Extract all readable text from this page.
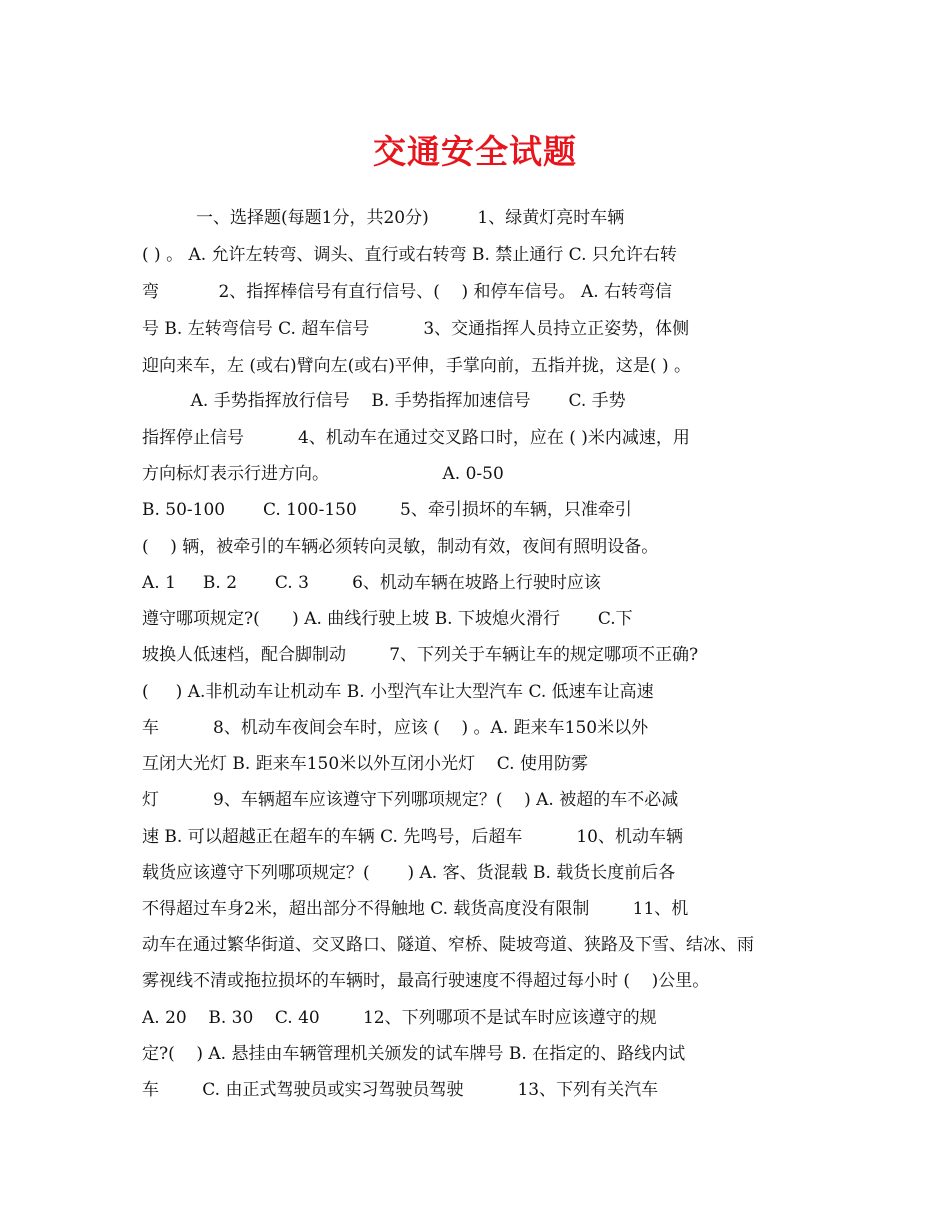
交通安全试题
一、选择题(每题1分，共20分)         1、绿黄灯亮时车辆
( ) 。 A. 允许左转弯、调头、直行或右转弯 B. 禁止通行 C. 只允许右转
弯           2、指挥棒信号有直行信号、(    ) 和停车信号。 A. 右转弯信
号 B. 左转弯信号 C. 超车信号          3、交通指挥人员持立正姿势，体侧
迎向来车，左 (或右)臂向左(或右)平伸，手掌向前，五指并拢，这是( ) 。
A. 手势指挥放行信号    B. 手势指挥加速信号       C. 手势
指挥停止信号          4、机动车在通过交叉路口时，应在 ( )米内减速，用
方向标灯表示行进方向。                     A. 0-50
B. 50-100       C. 100-150        5、牵引损坏的车辆，只准牵引
(    ) 辆，被牵引的车辆必须转向灵敏，制动有效，夜间有照明设备。
A. 1     B. 2       C. 3        6、机动车辆在坡路上行驶时应该
遵守哪项规定?(      ) A. 曲线行驶上坡 B. 下坡熄火滑行       C.下
坡换人低速档，配合脚制动        7、下列关于车辆让车的规定哪项不正确?
(     ) A.非机动车让机动车 B. 小型汽车让大型汽车 C. 低速车让高速
车          8、机动车夜间会车时，应该 (    ) 。A. 距来车150米以外
互闭大光灯 B. 距来车150米以外互闭小光灯    C. 使用防雾
灯          9、车辆超车应该遵守下列哪项规定？(    ) A. 被超的车不必减
速 B. 可以超越正在超车的车辆 C. 先鸣号，后超车          10、机动车辆
载货应该遵守下列哪项规定？(       ) A. 客、货混载 B. 载货长度前后各
不得超过车身2米，超出部分不得触地 C. 载货高度没有限制        11、机
动车在通过繁华街道、交叉路口、隧道、窄桥、陡坡弯道、狭路及下雪、结冰、雨
雾视线不清或拖拉损坏的车辆时，最高行驶速度不得超过每小时 (    )公里。
A. 20    B. 30    C. 40        12、下列哪项不是试车时应该遵守的规
定?(    ) A. 悬挂由车辆管理机关颁发的试车牌号 B. 在指定的、路线内试
车        C. 由正式驾驶员或实习驾驶员驾驶          13、下列有关汽车
